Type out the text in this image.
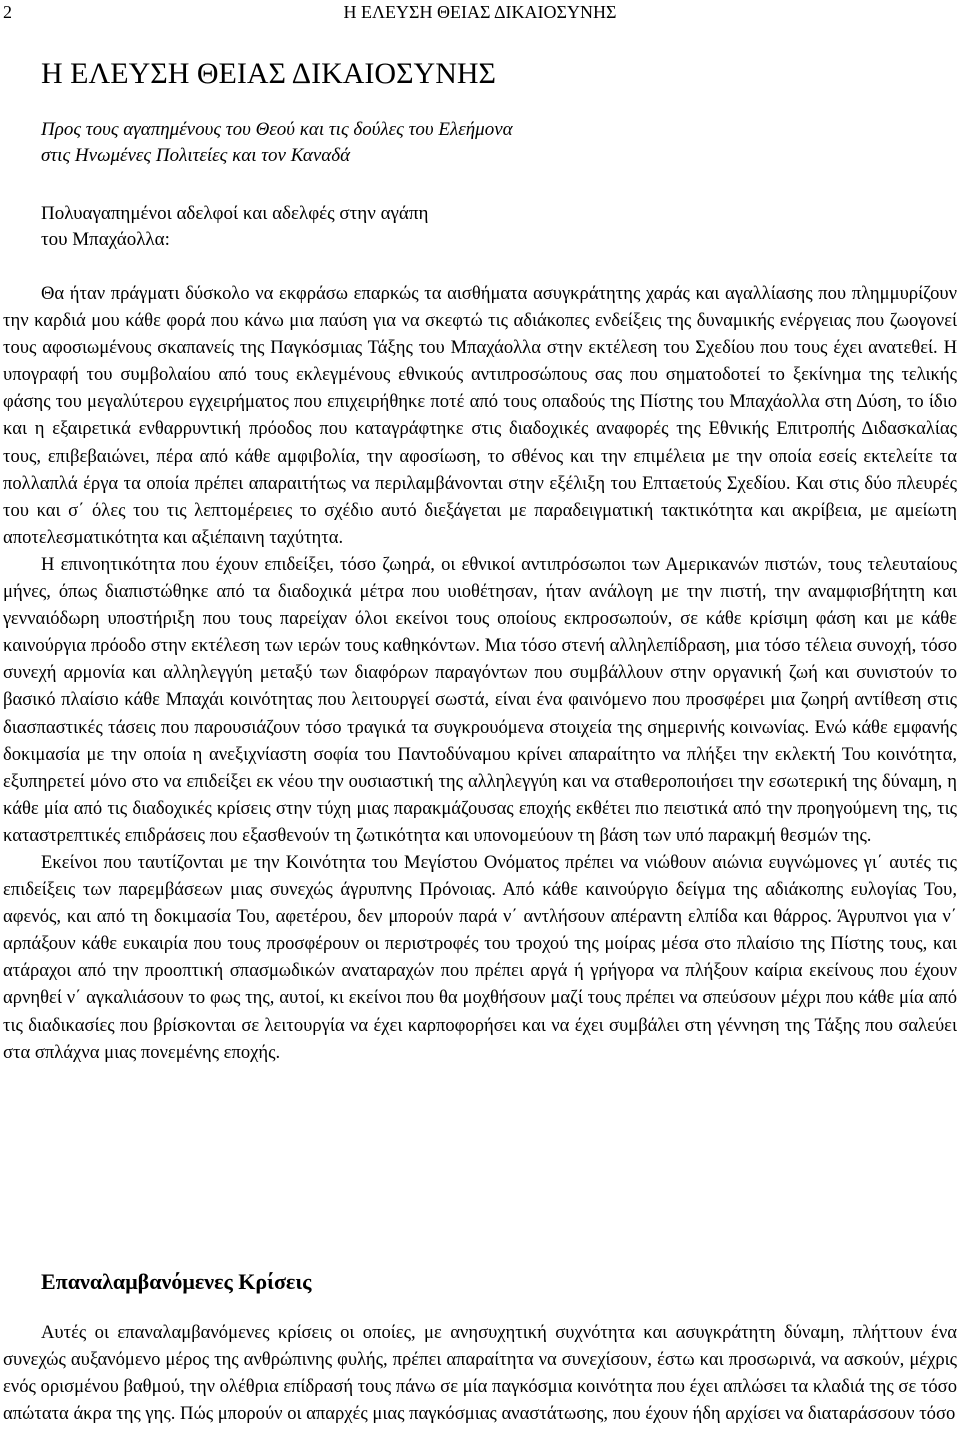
2	Η ΕΛΕΥΣΗ ΘΕΙΑΣ ΔΙΚΑΙΟΣΥΝΗΣ
Η ΕΛΕΥΣΗ ΘΕΙΑΣ ΔΙΚΑΙΟΣΥΝΗΣ
Προς τους αγαπημένους του Θεού και τις δούλες του Ελεήμονα
στις Ηνωμένες Πολιτείες και τον Καναδά
Πολυαγαπημένοι αδελφοί και αδελφές στην αγάπη
του Μπαχάολλα:

Θα ήταν πράγματι δύσκολο να εκφράσω επαρκώς τα αισθήματα ασυγκράτητης χαράς και αγαλλίασης που πλημμυρίζουν την καρδιά μου κάθε φορά που κάνω μια παύση για να σκεφτώ τις αδιάκοπες ενδείξεις της δυναμικής ενέργειας που ζωογονεί τους αφοσιωμένους σκαπανείς της Παγκόσμιας Τάξης του Μπαχάολλα στην εκτέλεση του Σχεδίου που τους έχει ανατεθεί. Η υπογραφή του συμβολαίου από τους εκλεγμένους εθνικούς αντιπροσώπους σας που σηματοδοτεί το ξεκίνημα της τελικής φάσης του μεγαλύτερου εγχειρήματος που επιχειρήθηκε ποτέ από τους οπαδούς της Πίστης του Μπαχάολλα στη Δύση, το ίδιο και η εξαιρετικά ενθαρρυντική πρόοδος που καταγράφτηκε στις διαδοχικές αναφορές της Εθνικής Επιτροπής Διδασκαλίας τους, επιβεβαιώνει, πέρα από κάθε αμφιβολία, την αφοσίωση, το σθένος και την επιμέλεια με την οποία εσείς εκτελείτε τα πολλαπλά έργα τα οποία πρέπει απαραιτήτως να περιλαμβάνονται στην εξέλιξη του Επταετούς Σχεδίου. Και στις δύο πλευρές του και σ΄ όλες του τις λεπτομέρειες το σχέδιο αυτό διεξάγεται με παραδειγματική τακτικότητα και ακρίβεια, με αμείωτη αποτελεσματικότητα και αξιέπαινη ταχύτητα.

Η επινοητικότητα που έχουν επιδείξει, τόσο ζωηρά, οι εθνικοί αντιπρόσωποι των Αμερικανών πιστών, τους τελευταίους μήνες, όπως διαπιστώθηκε από τα διαδοχικά μέτρα που υιοθέτησαν, ήταν ανάλογη με την πιστή, την αναμφισβήτητη και γενναιόδωρη υποστήριξη που τους παρείχαν όλοι εκείνοι τους οποίους εκπροσωπούν, σε κάθε κρίσιμη φάση και με κάθε καινούργια πρόοδο στην εκτέλεση των ιερών τους καθηκόντων. Μια τόσο στενή αλληλεπίδραση, μια τόσο τέλεια συνοχή, τόσο συνεχή αρμονία και αλληλεγγύη μεταξύ των διαφόρων παραγόντων που συμβάλλουν στην οργανική ζωή και συνιστούν το βασικό πλαίσιο κάθε Μπαχάι κοινότητας που λειτουργεί σωστά, είναι ένα φαινόμενο που προσφέρει μια ζωηρή αντίθεση στις διασπαστικές τάσεις που παρουσιάζουν τόσο τραγικά τα συγκρουόμενα στοιχεία της σημερινής κοινωνίας. Ενώ κάθε εμφανής δοκιμασία με την οποία η ανεξιχνίαστη σοφία του Παντοδύναμου κρίνει απαραίτητο να πλήξει την εκλεκτή Του κοινότητα, εξυπηρετεί μόνο στο να επιδείξει εκ νέου την ουσιαστική της αλληλεγγύη και να σταθεροποιήσει την εσωτερική της δύναμη, η κάθε μία από τις διαδοχικές κρίσεις στην τύχη μιας παρακμάζουσας εποχής εκθέτει πιο πειστικά από την προηγούμενη της, τις καταστρεπτικές επιδράσεις που εξασθενούν τη ζωτικότητα και υπονομεύουν τη βάση των υπό παρακμή θεσμών της.

Εκείνοι που ταυτίζονται με την Κοινότητα του Μεγίστου Ονόματος πρέπει να νιώθουν αιώνια ευγνώμονες γι΄ αυτές τις επιδείξεις των παρεμβάσεων μιας συνεχώς άγρυπνης Πρόνοιας. Από κάθε καινούργιο δείγμα της αδιάκοπης ευλογίας Του, αφενός, και από τη δοκιμασία Του, αφετέρου, δεν μπορούν παρά ν΄ αντλήσουν απέραντη ελπίδα και θάρρος. Άγρυπνοι για ν΄ αρπάξουν κάθε ευκαιρία που τους προσφέρουν οι περιστροφές του τροχού της μοίρας μέσα στο πλαίσιο της Πίστης τους, και ατάραχοι από την προοπτική σπασμωδικών αναταραχών που πρέπει αργά ή γρήγορα να πλήξουν καίρια εκείνους που έχουν αρνηθεί ν΄ αγκαλιάσουν το φως της, αυτοί, κι εκείνοι που θα μοχθήσουν μαζί τους πρέπει να σπεύσουν μέχρι που κάθε μία από τις διαδικασίες που βρίσκονται σε λειτουργία να έχει καρποφορήσει και να έχει συμβάλει στη γέννηση της Τάξης που σαλεύει στα σπλάχνα μιας πονεμένης εποχής.

Επαναλαμβανόμενες Κρίσεις

Αυτές οι επαναλαμβανόμενες κρίσεις οι οποίες, με ανησυχητική συχνότητα και ασυγκράτητη δύναμη, πλήττουν ένα συνεχώς αυξανόμενο μέρος της ανθρώπινης φυλής, πρέπει απαραίτητα να συνεχίσουν, έστω και προσωρινά, να ασκούν, μέχρις ενός ορισμένου βαθμού, την ολέθρια επίδρασή τους πάνω σε μία παγκόσμια κοινότητα που έχει απλώσει τα κλαδιά της σε τόσο απώτατα άκρα της γης. Πώς μπορούν οι απαρχές μιας παγκόσμιας αναστάτωσης, που έχουν ήδη αρχίσει να διαταράσσουν τόσο
